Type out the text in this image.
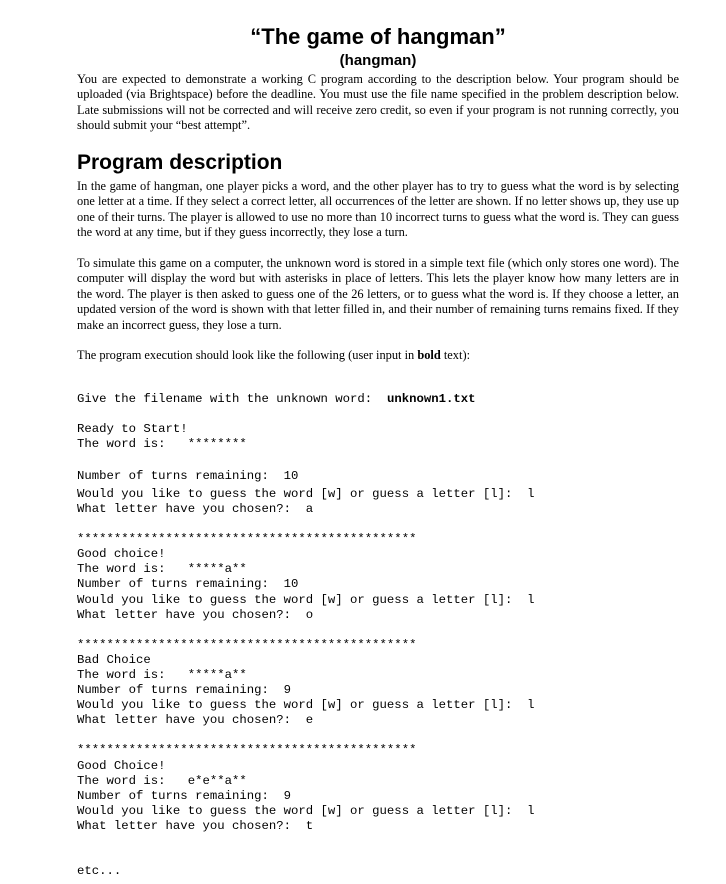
“The game of hangman”
(hangman)

You are expected to demonstrate a working C program according to the description below. Your program should be uploaded (via Brightspace) before the deadline. You must use the file name specified in the problem description below. Late submissions will not be corrected and will receive zero credit, so even if your program is not running correctly, you should submit your “best attempt”.

Program description

In the game of hangman, one player picks a word, and the other player has to try to guess what the word is by selecting one letter at a time. If they select a correct letter, all occurrences of the letter are shown. If no letter shows up, they use up one of their turns. The player is allowed to use no more than 10 incorrect turns to guess what the word is. They can guess the word at any time, but if they guess incorrectly, they lose a turn.

To simulate this game on a computer, the unknown word is stored in a simple text file (which only stores one word). The computer will display the word but with asterisks in place of letters. This lets the player know how many letters are in the word. The player is then asked to guess one of the 26 letters, or to guess what the word is. If they choose a letter, an updated version of the word is shown with that letter filled in, and their number of remaining turns remains fixed. If they make an incorrect guess, they lose a turn.

The program execution should look like the following (user input in bold text):

Give the filename with the unknown word:  unknown1.txt
Ready to Start!
The word is:   ********
Number of turns remaining:  10
Would you like to guess the word [w] or guess a letter [l]:  l
What letter have you chosen?:  a
**********************************************
Good choice!
The word is:   *****a**
Number of turns remaining:  10
Would you like to guess the word [w] or guess a letter [l]:  l
What letter have you chosen?:  o
**********************************************
Bad Choice
The word is:   *****a**
Number of turns remaining:  9
Would you like to guess the word [w] or guess a letter [l]:  l
What letter have you chosen?:  e
**********************************************
Good Choice!
The word is:   e*e**a**
Number of turns remaining:  9
Would you like to guess the word [w] or guess a letter [l]:  l
What letter have you chosen?:  t
etc...
